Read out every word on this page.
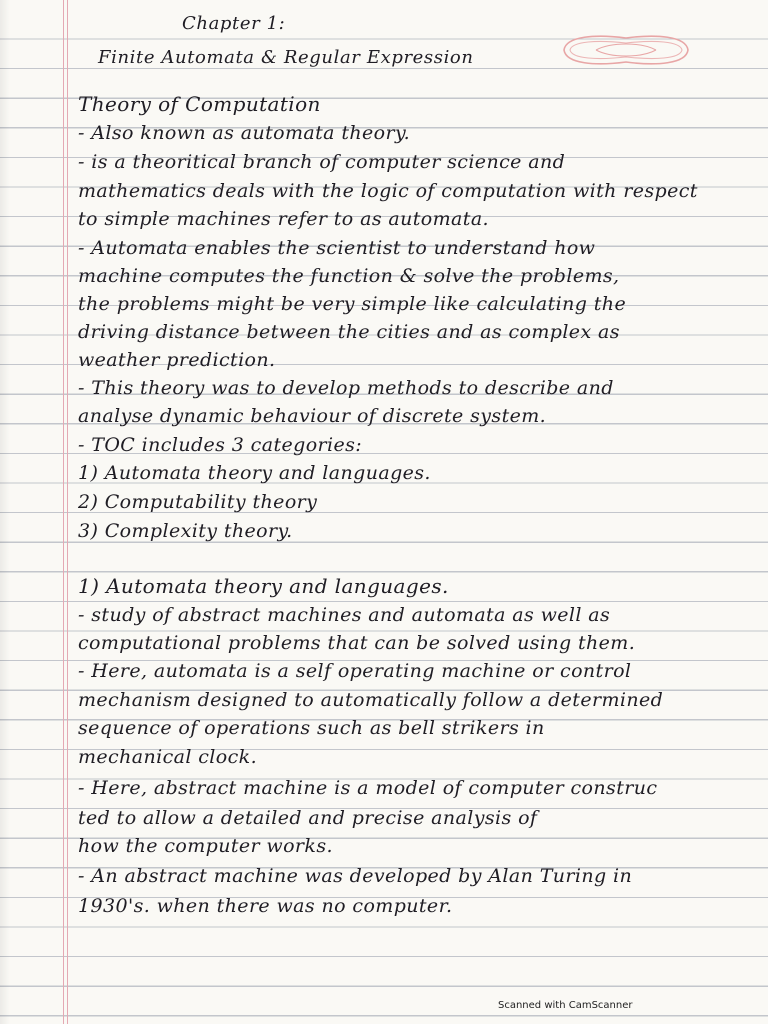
Chapter 1:
Finite Automata & Regular Expression
Theory of Computation
- Also known as automata theory.
- is a theoritical branch of computer science and
mathematics deals with the logic of computation with respect
to simple machines refer to as automata.
- Automata enables the scientist to understand how
machine computes the function & solve the problems,
the problems might be very simple like calculating the
driving distance between the cities and as complex as
weather prediction.
- This theory was to develop methods to describe and
analyse dynamic behaviour of discrete system.
- TOC includes 3 categories:
1) Automata theory and languages.
2) Computability theory
3) Complexity theory.
1) Automata theory and languages.
- study of abstract machines and automata as well as
computational problems that can be solved using them.
- Here, automata is a self operating machine or control
mechanism designed to automatically follow a determined
sequence of operations such as bell strikers in
mechanical clock.
- Here, abstract machine is a model of computer construc
ted to allow a detailed and precise analysis of
how the computer works.
- An abstract machine was developed by Alan Turing in
1930's. when there was no computer.
Scanned with CamScanner
